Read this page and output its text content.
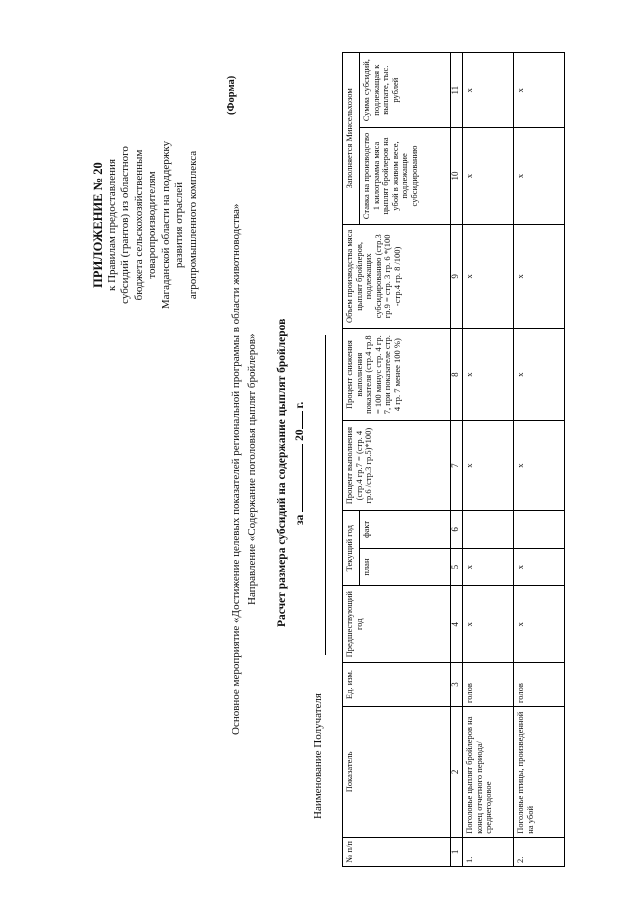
ПРИЛОЖЕНИЕ № 20 к Правилам предоставления субсидий (грантов) из областного бюджета сельскохозяйственным товаропроизводителям Магаданской области на поддержку развития отраслей агропромышленного комплекса
(Форма)
Основное мероприятие «Достижение целевых показателей региональной программы в области животноводства» Направление «Содержание поголовья цыплят бройлеров» Расчет размера субсидий на содержание цыплят бройлеров за  20 г.
Наименование Получателя
№ п/п	Показатель	Ед. изм.	Предшествующий год	Текущий год		Процент выполнения (стр.4 гр.7 = (стр. 4 гр.6 /стр.3 гр.5)*100)	Процент снижения выполнения показателя (стр.4 гр.8 = 100 минус стр. 4 гр. 7, при показателе стр. 4 гр. 7 менее 100 %)	Объем производства мяса цыплят бройлеров, подлежащих субсидированию (стр.3 гр.9 = стр. 3 гр. 6 *(100 -стр.4 гр. 8 /100)	Заполняется Минсельхозом	
				план	факт				Ставка на производство 1 килограмма мяса цыплят бройлеров на убой в живом весе, подлежащие субсидированию	Сумма субсидий, подлежащая к выплате, тыс. рублей
1	2	3	4	5	6	7	8	9	10	11
1.	Поголовье цыплят бройлеров на конец отчетного периода/ среднегодовое	голов	х	х		х	х	х	х	х
2.	Поголовье птицы, произведенной на убой	голов	х	х		х	х	х	х	х
